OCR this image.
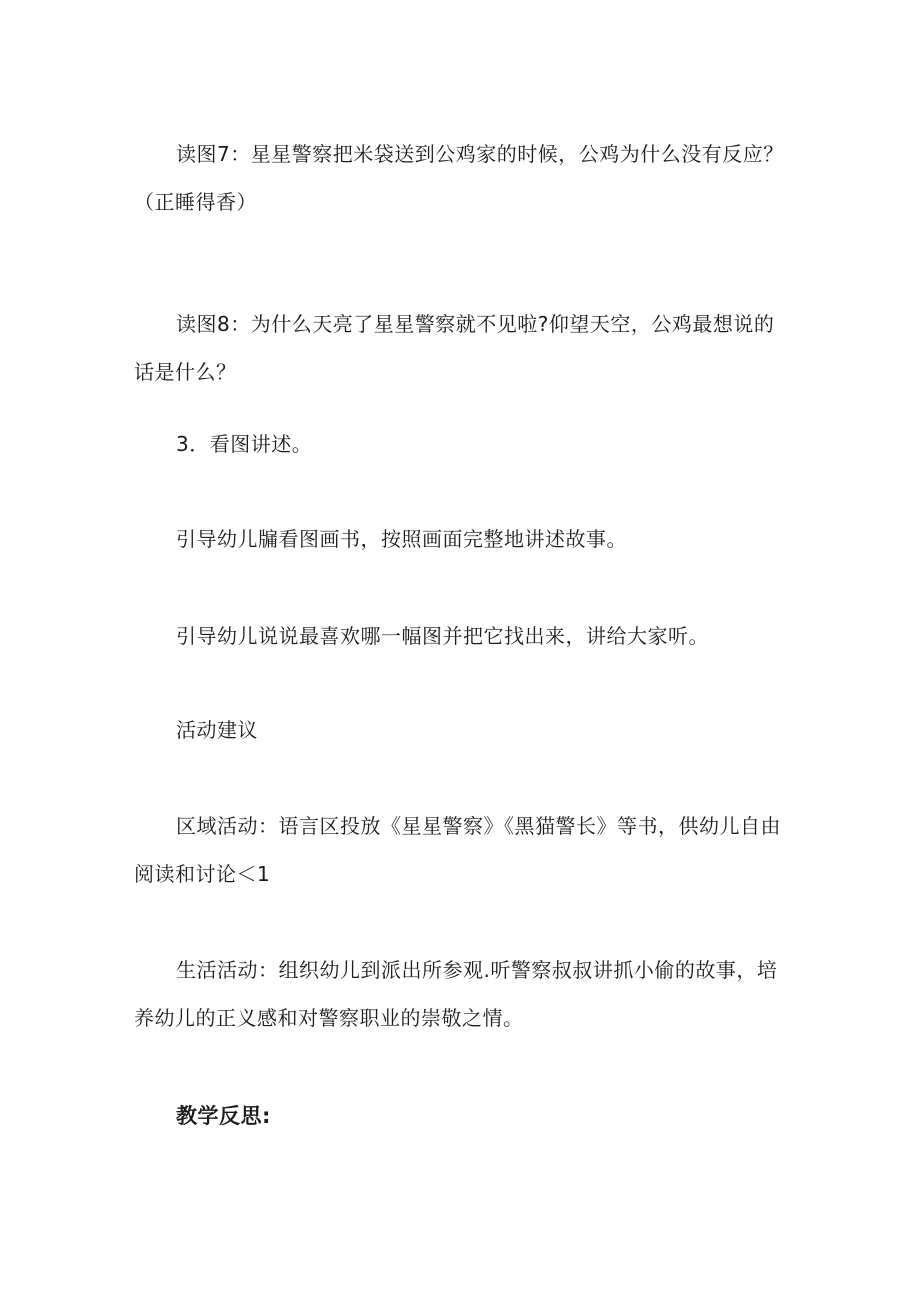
读图7：星星警察把米袋送到公鸡家的时候，公鸡为什么没有反应？（正睡得香）

读图8：为什么天亮了星星警察就不见啦?仰望天空，公鸡最想说的话是什么？

3．看图讲述。

引导幼儿牖看图画书，按照画面完整地讲述故事。

引导幼儿说说最喜欢哪一幅图并把它找出来，讲给大家听。

活动建议

区域活动：语言区投放《星星警察》《黑猫警长》等书，供幼儿自由阅读和讨论＜1

生活活动：组织幼儿到派出所参观.听警察叔叔讲抓小偷的故事，培养幼儿的正义感和对警察职业的崇敬之情。

教学反思:
